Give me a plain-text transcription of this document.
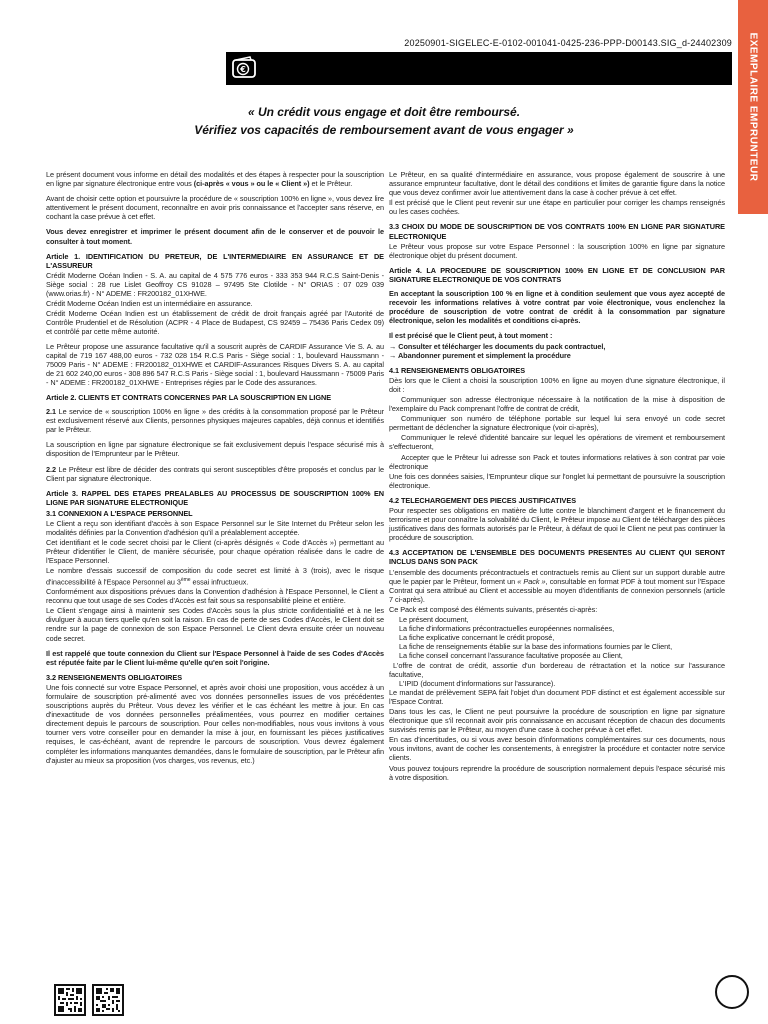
EXEMPLAIRE EMPRUNTEUR
20250901-SIGELEC-E-0102-001041-0425-236-PPP-D00143.SIG_d-24402309
€
« Un crédit vous engage et doit être remboursé.
Vérifiez vos capacités de remboursement avant de vous engager »
Le présent document vous informe en détail des modalités et des étapes à respecter pour la souscription en ligne par signature électronique entre vous (ci-après « vous » ou le « Client ») et le Prêteur.
Avant de choisir cette option et poursuivre la procédure de « souscription 100% en ligne », vous devez lire attentivement le présent document, reconnaître en avoir pris connaissance et l'accepter sans réserve, en cochant la case prévue à cet effet.
Vous devez enregistrer et imprimer le présent document afin de le conserver et de pouvoir le consulter à tout moment.
Article 1. IDENTIFICATION DU PRETEUR, DE L'INTERMEDIAIRE EN ASSURANCE ET DE L'ASSUREUR
Crédit Moderne Océan Indien - S. A. au capital de 4 575 776 euros - 333 353 944 R.C.S Saint-Denis - Siège social : 28 rue Lislet Geoffroy CS 91028 – 97495 Ste Clotilde - N° ORIAS : 07 029 039 (www.orias.fr) - N° ADEME : FR200182_01XHWE.
Crédit Moderne Océan Indien est un intermédiaire en assurance.
Crédit Moderne Océan Indien est un établissement de crédit de droit français agréé par l'Autorité de Contrôle Prudentiel et de Résolution (ACPR - 4 Place de Budapest, CS 92459 – 75436 Paris Cedex 09) et contrôlé par cette même autorité.
Le Prêteur propose une assurance facultative qu'il a souscrit auprès de CARDIF Assurance Vie S. A. au capital de 719 167 488,00 euros - 732 028 154 R.C.S Paris - Siège social : 1, boulevard Haussmann - 75009 Paris - N° ADEME : FR200182_01XHWE et CARDIF-Assurances Risques Divers S. A. au capital de 21 602 240,00 euros - 308 896 547 R.C.S Paris - Siège social : 1, boulevard Haussmann - 75009 Paris - N° ADEME : FR200182_01XHWE - Entreprises régies par le Code des assurances.
Article 2. CLIENTS ET CONTRATS CONCERNES PAR LA SOUSCRIPTION EN LIGNE
2.1 Le service de « souscription 100% en ligne » des crédits à la consommation proposé par le Prêteur est exclusivement réservé aux Clients, personnes physiques majeures capables, déjà connus et identifiés par le Prêteur.
La souscription en ligne par signature électronique se fait exclusivement depuis l'espace sécurisé mis à disposition de l'Emprunteur par le Prêteur.
2.2 Le Prêteur est libre de décider des contrats qui seront susceptibles d'être proposés et conclus par le Client par signature électronique.
Article 3. RAPPEL DES ETAPES PREALABLES AU PROCESSUS DE SOUSCRIPTION 100% EN LIGNE PAR SIGNATURE ELECTRONIQUE
3.1 CONNEXION A L'ESPACE PERSONNEL
Le Client a reçu son identifiant d'accès à son Espace Personnel sur le Site Internet du Prêteur selon les modalités définies par la Convention d'adhésion qu'il a préalablement acceptée.
Cet identifiant et le code secret choisi par le Client (ci-après désignés « Code d'Accès ») permettant au Prêteur d'identifier le Client, de manière sécurisée, pour chaque opération réalisée dans le cadre de l'Espace Personnel.
Le nombre d'essais successif de composition du code secret est limité à 3 (trois), avec le risque d'inaccessibilité à l'Espace Personnel au 3ème essai infructueux.
Conformément aux dispositions prévues dans la Convention d'adhésion à l'Espace Personnel, le Client a reconnu que tout usage de ses Codes d'Accès est fait sous sa responsabilité pleine et entière.
Le Client s'engage ainsi à maintenir ses Codes d'Accès sous la plus stricte confidentialité et à ne les divulguer à aucun tiers quelle qu'en soit la raison. En cas de perte de ses Codes d'Accès, le Client doit se rendre sur la page de connexion de son Espace Personnel. Le Client devra ensuite créer un nouveau code secret.
Il est rappelé que toute connexion du Client sur l'Espace Personnel à l'aide de ses Codes d'Accès est réputée faite par le Client lui-même qu'elle qu'en soit l'origine.
3.2 RENSEIGNEMENTS OBLIGATOIRES
Une fois connecté sur votre Espace Personnel, et après avoir choisi une proposition, vous accédez à un formulaire de souscription pré-alimenté avec vos données personnelles issues de vos précédentes souscriptions auprès du Prêteur. Vous devez les vérifier et le cas échéant les mettre à jour. En cas d'inexactitude de vos données personnelles préalimentées, vous pourrez en modifier certaines directement depuis le parcours de souscription. Pour celles non-modifiables, nous vous invitons à vous tourner vers votre conseiller pour en demander la mise à jour, en fournissant les pièces justificatives requises, le cas-échéant, avant de reprendre le parcours de souscription. Vous devrez également compléter les informations manquantes demandées, dans le formulaire de souscription, par le Prêteur afin d'ajuster au mieux sa proposition (vos charges, vos revenus, etc.)
Le Prêteur, en sa qualité d'intermédiaire en assurance, vous propose également de souscrire à une assurance emprunteur facultative, dont le détail des conditions et limites de garantie figure dans la notice que vous devez confirmer avoir lue attentivement dans la case à cocher prévue à cet effet.
Il est précisé que le Client peut revenir sur une étape en particulier pour corriger les champs renseignés ou les cases cochées.
3.3 CHOIX DU MODE DE SOUSCRIPTION DE VOS CONTRATS 100% EN LIGNE PAR SIGNATURE ELECTRONIQUE
Le Prêteur vous propose sur votre Espace Personnel : la souscription 100% en ligne par signature électronique objet du présent document.
Article 4. LA PROCEDURE DE SOUSCRIPTION 100% EN LIGNE ET DE CONCLUSION PAR SIGNATURE ELECTRONIQUE DE VOS CONTRATS
En acceptant la souscription 100 % en ligne et à condition seulement que vous ayez accepté de recevoir les informations relatives à votre contrat par voie électronique, vous enclenchez la procédure de souscription de votre contrat de crédit à la consommation par signature électronique, selon les modalités et conditions ci-après.
Il est précisé que le Client peut, à tout moment :
→ Consulter et télécharger les documents du pack contractuel,
→ Abandonner purement et simplement la procédure
4.1 RENSEIGNEMENTS OBLIGATOIRES
Dès lors que le Client a choisi la souscription 100% en ligne au moyen d'une signature électronique, il doit :
Communiquer son adresse électronique nécessaire à la notification de la mise à disposition de l'exemplaire du Pack comprenant l'offre de contrat de crédit,
Communiquer son numéro de téléphone portable sur lequel lui sera envoyé un code secret permettant de déclencher la signature électronique (voir ci-après),
Communiquer le relevé d'identité bancaire sur lequel les opérations de virement et remboursement s'effectueront,
Accepter que le Prêteur lui adresse son Pack et toutes informations relatives à son contrat par voie électronique
Une fois ces données saisies, l'Emprunteur clique sur l'onglet lui permettant de poursuivre la souscription électronique.
4.2 TELECHARGEMENT DES PIECES JUSTIFICATIVES
Pour respecter ses obligations en matière de lutte contre le blanchiment d'argent et le financement du terrorisme et pour connaître la solvabilité du Client, le Prêteur impose au Client de télécharger des pièces justificatives dans des formats autorisés par le Prêteur, à défaut de quoi le Client ne peut pas continuer la procédure de souscription.
4.3 ACCEPTATION DE L'ENSEMBLE DES DOCUMENTS PRESENTES AU CLIENT QUI SERONT INCLUS DANS SON PACK
L'ensemble des documents précontractuels et contractuels remis au Client sur un support durable autre que le papier par le Prêteur, forment un « Pack », consultable en format PDF à tout moment sur l'Espace Contrat qui sera attribué au Client et accessible au moyen d'identifiants de connexion personnels (article 7 ci-après).
Ce Pack est composé des éléments suivants, présentés ci-après:
Le présent document,
La fiche d'informations précontractuelles européennes normalisées,
La fiche explicative concernant le crédit proposé,
La fiche de renseignements établie sur la base des informations fournies par le Client,
La fiche conseil concernant l'assurance facultative proposée au Client,
L'offre de contrat de crédit, assortie d'un bordereau de rétractation et la notice sur l'assurance facultative,
L'IPID (document d'informations sur l'assurance).
Le mandat de prélèvement SEPA fait l'objet d'un document PDF distinct et est également accessible sur l'Espace Contrat.
Dans tous les cas, le Client ne peut poursuivre la procédure de souscription en ligne par signature électronique que s'il reconnait avoir pris connaissance en accusant réception de chacun des documents susvisés remis par le Prêteur, au moyen d'une case à cocher prévue à cet effet.
En cas d'incertitudes, ou si vous avez besoin d'informations complémentaires sur ces documents, nous vous invitons, avant de cocher les consentements, à enregistrer la procédure et contacter notre service clients.
Vous pouvez toujours reprendre la procédure de souscription normalement depuis l'espace sécurisé mis à votre disposition.
